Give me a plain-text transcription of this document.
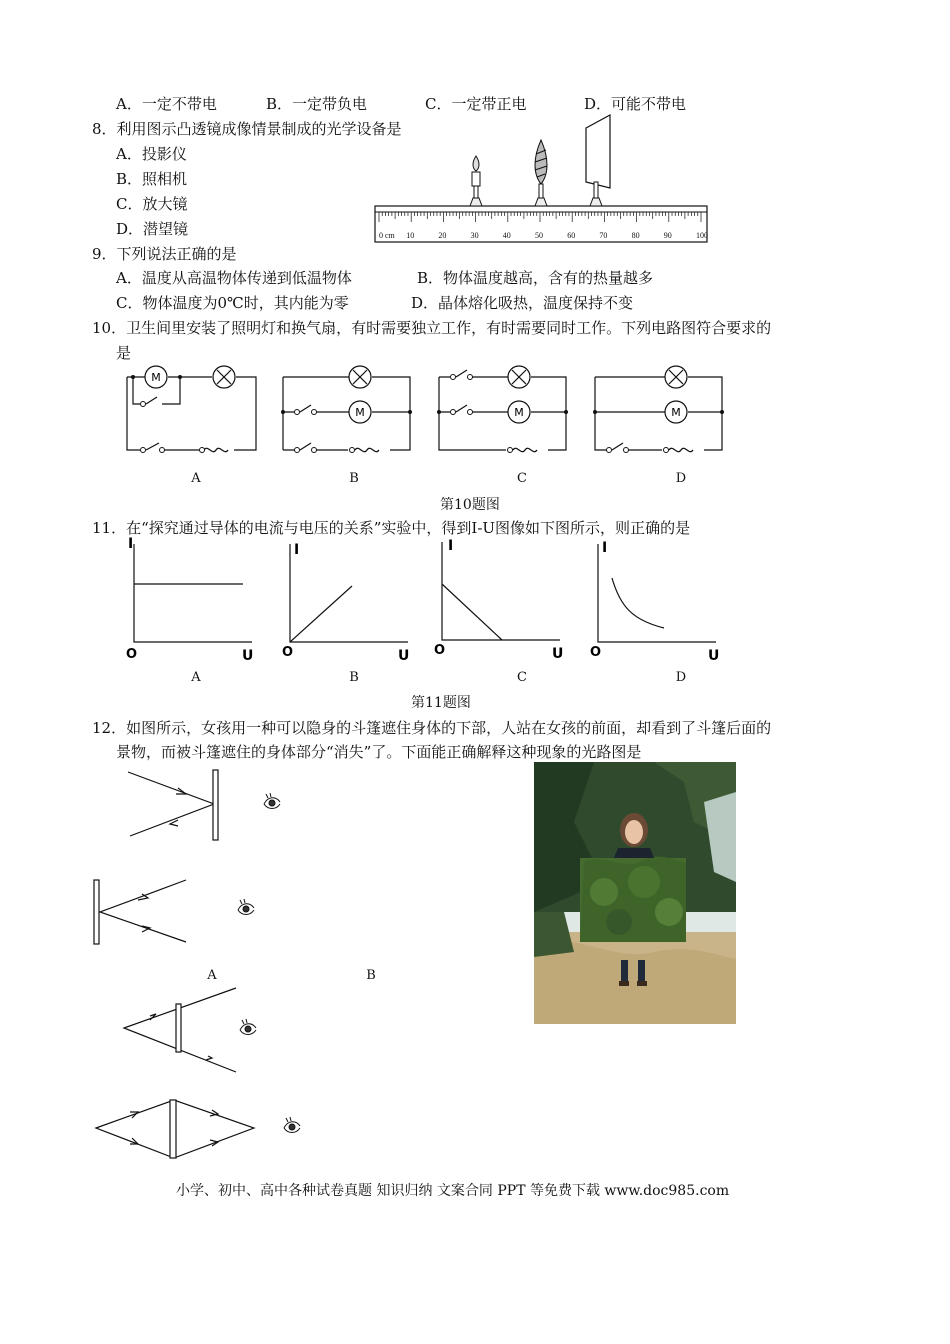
A．一定不带电	B．一定带负电	C．一定带正电	D．可能不带电
8．利用图示凸透镜成像情景制成的光学设备是
A．投影仪
B．照相机
C．放大镜
D．潜望镜	0 cm 10	20	30	40	50	60	70	80	90	100
9．下列说法正确的是
A．温度从高温物体传递到低温物体	B．物体温度越高，含有的热量越多
C．物体温度为0℃时，其内能为零	D．晶体熔化吸热，温度保持不变
10．卫生间里安装了照明灯和换气扇，有时需要独立工作，有时需要同时工作。下列电路图符合要求的
是
M
M	M	M
A	B	C	D
第10题图
11．在“探究通过导体的电流与电压的关系”实验中，得到I-U图像如下图所示，则正确的是
I
O	U
I
O	U
I
O	U
I
O	U
A	B	C	D
第11题图
12．如图所示，女孩用一种可以隐身的斗篷遮住身体的下部，人站在女孩的前面，却看到了斗篷后面的
景物，而被斗篷遮住的身体部分“消失”了。下面能正确解释这种现象的光路图是
A	B
小学、初中、高中各种试卷真题 知识归纳 文案合同 PPT 等免费下载 www.doc985.com
